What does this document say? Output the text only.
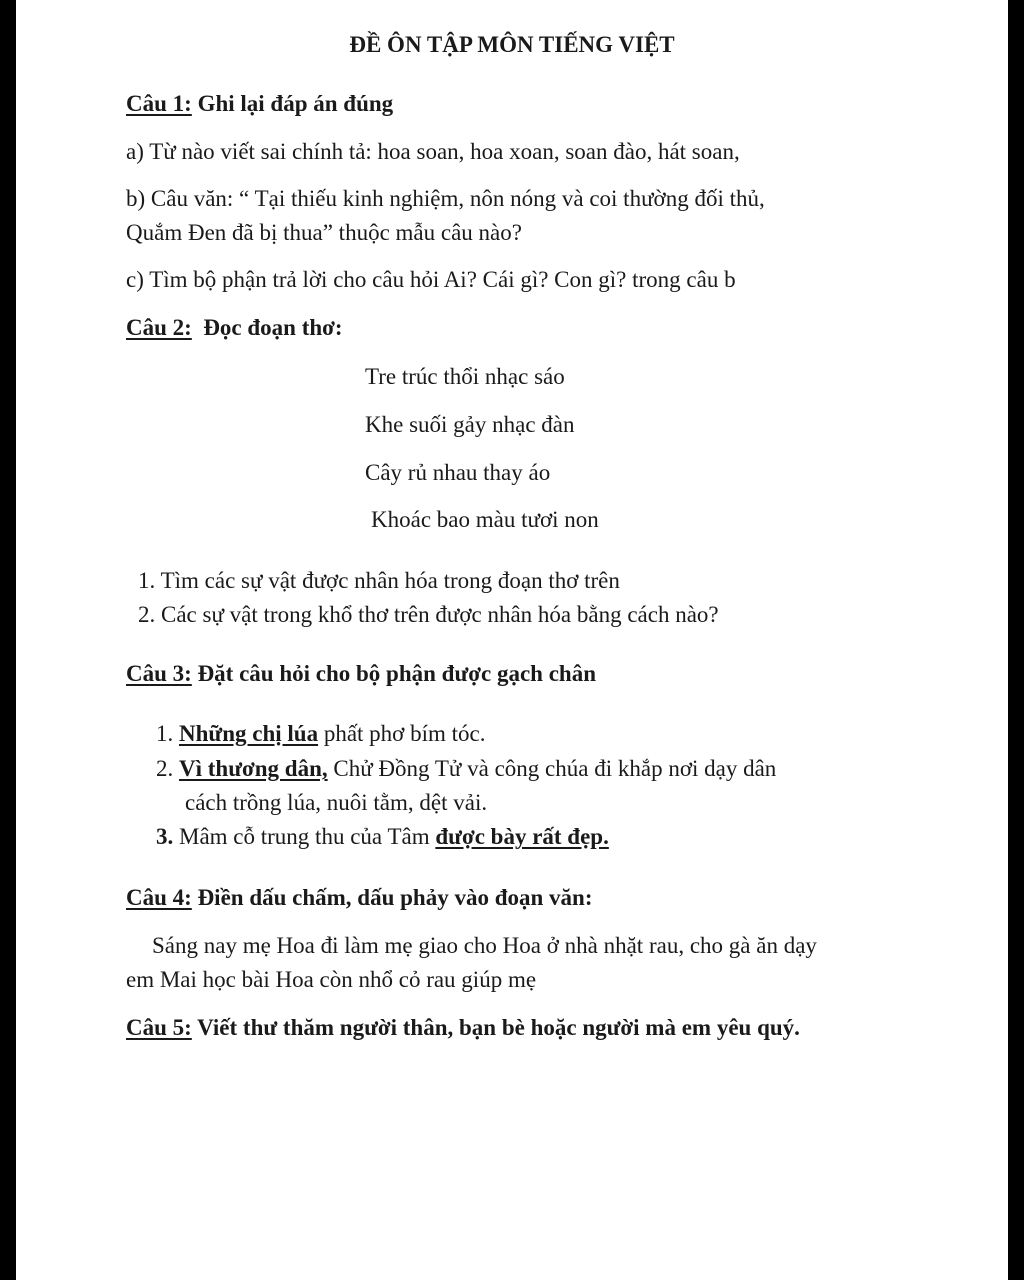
ĐỀ ÔN TẬP MÔN TIẾNG VIỆT
Câu 1: Ghi lại đáp án đúng
a) Từ nào viết sai chính tả: hoa soan, hoa xoan, soan đào, hát soan,
b) Câu văn: “ Tại thiếu kinh nghiệm, nôn nóng và coi thường đối thủ,
Quắm Đen đã bị thua” thuộc mẫu câu nào?
c) Tìm bộ phận trả lời cho câu hỏi Ai? Cái gì? Con gì? trong câu b
Câu 2: Đọc đoạn thơ:
Tre trúc thổi nhạc sáo
Khe suối gảy nhạc đàn
Cây rủ nhau thay áo
Khoác bao màu tươi non
1. Tìm các sự vật được nhân hóa trong đoạn thơ trên
2. Các sự vật trong khổ thơ trên được nhân hóa bằng cách nào?
Câu 3: Đặt câu hỏi cho bộ phận được gạch chân
1. Những chị lúa phất phơ bím tóc.
2. Vì thương dân, Chử Đồng Tử và công chúa đi khắp nơi dạy dân
cách trồng lúa, nuôi tằm, dệt vải.
3. Mâm cỗ trung thu của Tâm được bày rất đẹp.
Câu 4: Điền dấu chấm, dấu phảy vào đoạn văn:
Sáng nay mẹ Hoa đi làm mẹ giao cho Hoa ở nhà nhặt rau, cho gà ăn dạy
em Mai học bài Hoa còn nhổ cỏ rau giúp mẹ
Câu 5: Viết thư thăm người thân, bạn bè hoặc người mà em yêu quý.
